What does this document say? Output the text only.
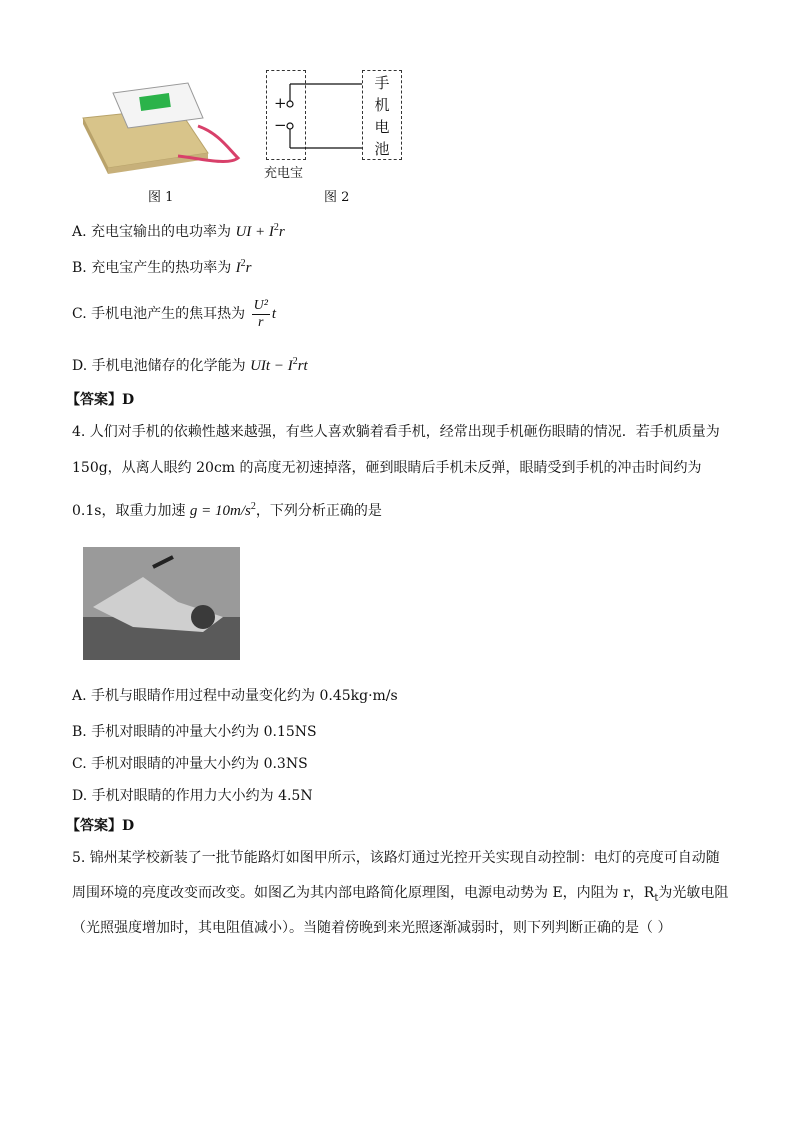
图 1
+
−
手
机
电
池
充电宝
图 2
A. 充电宝输出的电功率为 UI + $I^2r$
B. 充电宝产生的热功率为 $I^2r$
C. 手机电池产生的焦耳热为 $\frac{\text{U²}}{r}$ t
D. 手机电池储存的化学能为 UIt − $I^2rt$
【答案】D
4. 人们对手机的依赖性越来越强，有些人喜欢躺着看手机，经常出现手机砸伤眼睛的情况．若手机质量为
150g，从离人眼约 20cm 的高度无初速掉落，砸到眼睛后手机未反弹，眼睛受到手机的冲击时间约为
0.1s，取重力加速 $g = 10m/s^2$，下列分析正确的是
A. 手机与眼睛作用过程中动量变化约为 0.45kg·m/s
B. 手机对眼睛的冲量大小约为 0.15NS
C. 手机对眼睛的冲量大小约为 0.3NS
D. 手机对眼睛的作用力大小约为 4.5N
【答案】D
5. 锦州某学校新装了一批节能路灯如图甲所示，该路灯通过光控开关实现自动控制：电灯的亮度可自动随
周围环境的亮度改变而改变。如图乙为其内部电路简化原理图，电源电动势为 E，内阻为 r，$R_t$为光敏电阻
（光照强度增加时，其电阻值减小）。当随着傍晚到来光照逐渐减弱时，则下列判断正确的是（ ）
